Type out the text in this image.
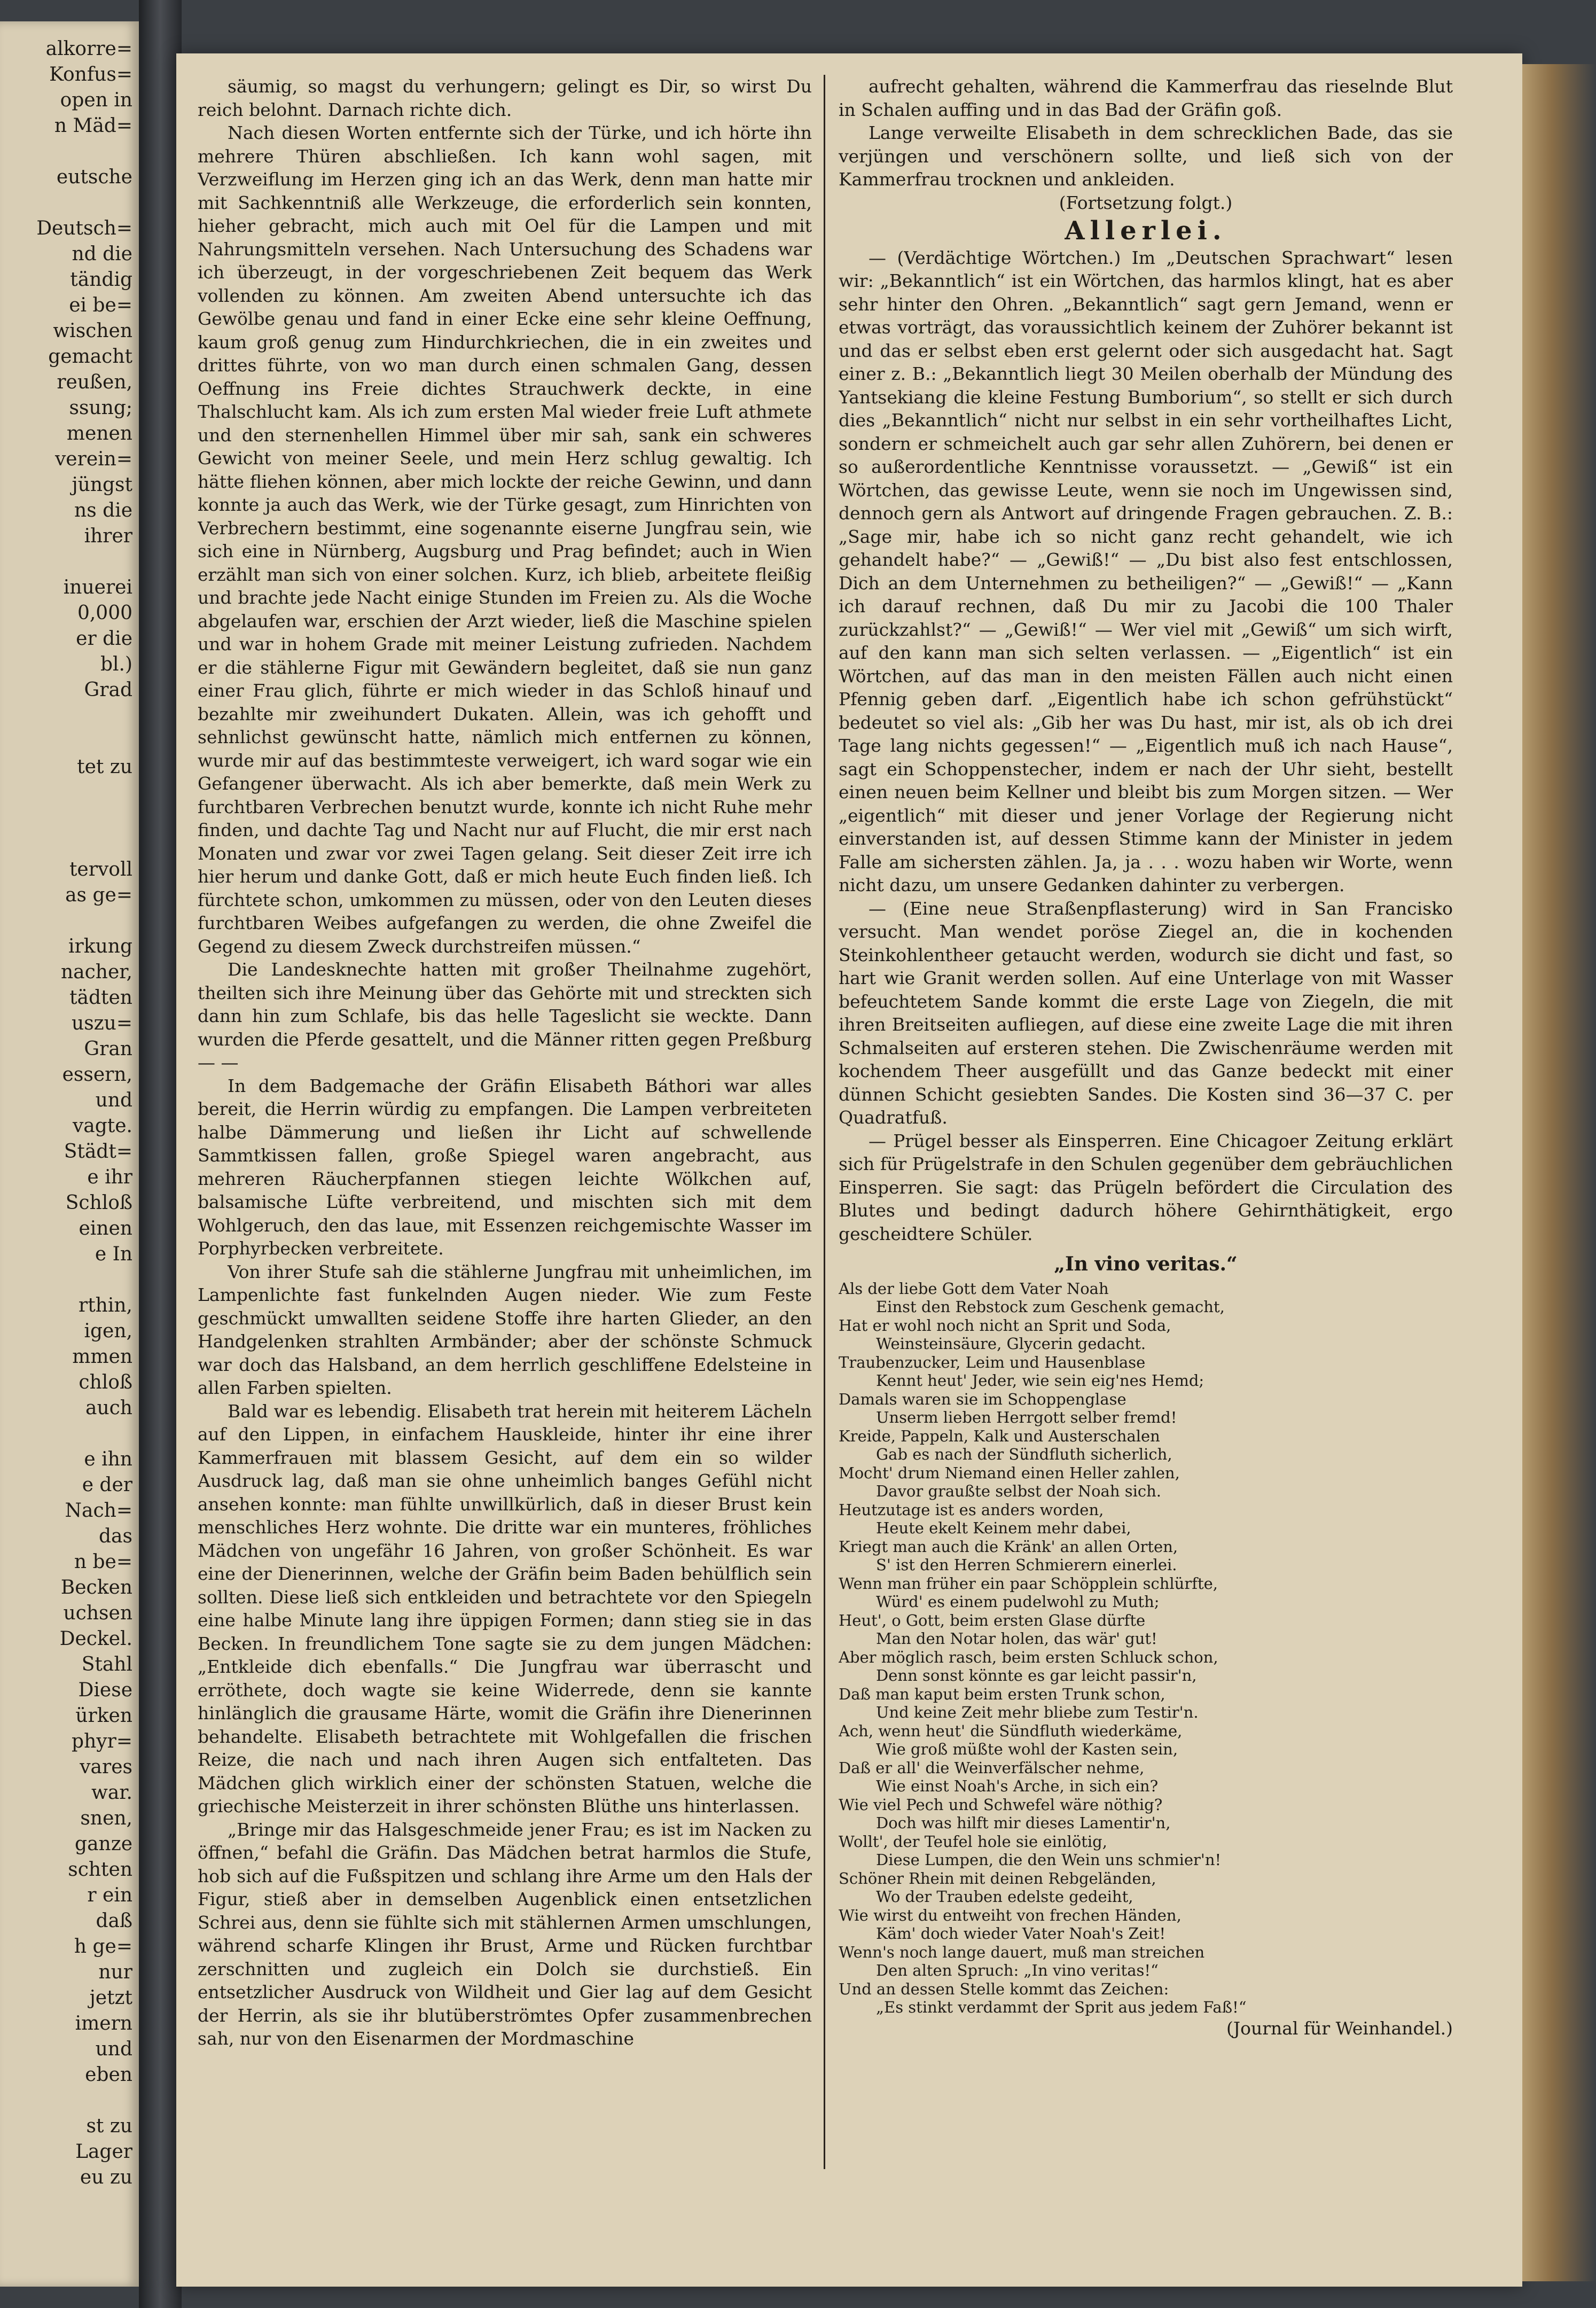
alkorre=
Konfus=
open in
n Mäd=
eutsche
Deutsch=
nd die
tändig
ei be=
wischen
gemacht
reußen,
ssung;
menen
verein=
jüngst
ns die
ihrer
inuerei
0,000
er die
bl.)
Grad
tet zu
tervoll
as ge=
irkung
nacher,
tädten
uszu=
Gran
essern,
und
vagte.
Städt=
e ihr
Schloß
einen
e In
rthin,
igen,
mmen
chloß
auch
e ihn
e der
Nach=
das
n be=
Becken
uchsen
Deckel.
Stahl
Diese
ürken
phyr=
vares
war.
snen,
ganze
schten
r ein
daß
h ge=
nur
jetzt
imern
und
eben
st zu
Lager
eu zu

säumig, so magst du verhungern; gelingt es Dir, so wirst Du reich belohnt. Darnach richte dich.

Nach diesen Worten entfernte sich der Türke, und ich hörte ihn mehrere Thüren abschließen. Ich kann wohl sagen, mit Verzweiflung im Herzen ging ich an das Werk, denn man hatte mir mit Sachkenntniß alle Werkzeuge, die erforderlich sein konnten, hieher gebracht, mich auch mit Oel für die Lampen und mit Nahrungsmitteln versehen. Nach Untersuchung des Schadens war ich überzeugt, in der vorgeschriebenen Zeit bequem das Werk vollenden zu können. Am zweiten Abend untersuchte ich das Gewölbe genau und fand in einer Ecke eine sehr kleine Oeffnung, kaum groß genug zum Hindurchkriechen, die in ein zweites und drittes führte, von wo man durch einen schmalen Gang, dessen Oeffnung ins Freie dichtes Strauchwerk deckte, in eine Thalschlucht kam. Als ich zum ersten Mal wieder freie Luft athmete und den sternenhellen Himmel über mir sah, sank ein schweres Gewicht von meiner Seele, und mein Herz schlug gewaltig. Ich hätte fliehen können, aber mich lockte der reiche Gewinn, und dann konnte ja auch das Werk, wie der Türke gesagt, zum Hinrichten von Verbrechern bestimmt, eine sogenannte eiserne Jungfrau sein, wie sich eine in Nürnberg, Augsburg und Prag befindet; auch in Wien erzählt man sich von einer solchen. Kurz, ich blieb, arbeitete fleißig und brachte jede Nacht einige Stunden im Freien zu. Als die Woche abgelaufen war, erschien der Arzt wieder, ließ die Maschine spielen und war in hohem Grade mit meiner Leistung zufrieden. Nachdem er die stählerne Figur mit Gewändern begleitet, daß sie nun ganz einer Frau glich, führte er mich wieder in das Schloß hinauf und bezahlte mir zweihundert Dukaten. Allein, was ich gehofft und sehnlichst gewünscht hatte, nämlich mich entfernen zu können, wurde mir auf das bestimmteste verweigert, ich ward sogar wie ein Gefangener überwacht. Als ich aber bemerkte, daß mein Werk zu furchtbaren Verbrechen benutzt wurde, konnte ich nicht Ruhe mehr finden, und dachte Tag und Nacht nur auf Flucht, die mir erst nach Monaten und zwar vor zwei Tagen gelang. Seit dieser Zeit irre ich hier herum und danke Gott, daß er mich heute Euch finden ließ. Ich fürchtete schon, umkommen zu müssen, oder von den Leuten dieses furchtbaren Weibes aufgefangen zu werden, die ohne Zweifel die Gegend zu diesem Zweck durchstreifen müssen.“

Die Landesknechte hatten mit großer Theilnahme zugehört, theilten sich ihre Meinung über das Gehörte mit und streckten sich dann hin zum Schlafe, bis das helle Tageslicht sie weckte. Dann wurden die Pferde gesattelt, und die Männer ritten gegen Preßburg — —

In dem Badgemache der Gräfin Elisabeth Báthori war alles bereit, die Herrin würdig zu empfangen. Die Lampen verbreiteten halbe Dämmerung und ließen ihr Licht auf schwellende Sammtkissen fallen, große Spiegel waren angebracht, aus mehreren Räucherpfannen stiegen leichte Wölkchen auf, balsamische Lüfte verbreitend, und mischten sich mit dem Wohlgeruch, den das laue, mit Essenzen reichgemischte Wasser im Porphyrbecken verbreitete.

Von ihrer Stufe sah die stählerne Jungfrau mit unheimlichen, im Lampenlichte fast funkelnden Augen nieder. Wie zum Feste geschmückt umwallten seidene Stoffe ihre harten Glieder, an den Handgelenken strahlten Armbänder; aber der schönste Schmuck war doch das Halsband, an dem herrlich geschliffene Edelsteine in allen Farben spielten.

Bald war es lebendig. Elisabeth trat herein mit heiterem Lächeln auf den Lippen, in einfachem Hauskleide, hinter ihr eine ihrer Kammerfrauen mit blassem Gesicht, auf dem ein so wilder Ausdruck lag, daß man sie ohne unheimlich banges Gefühl nicht ansehen konnte: man fühlte unwillkürlich, daß in dieser Brust kein menschliches Herz wohnte. Die dritte war ein munteres, fröhliches Mädchen von ungefähr 16 Jahren, von großer Schönheit. Es war eine der Dienerinnen, welche der Gräfin beim Baden behülflich sein sollten. Diese ließ sich entkleiden und betrachtete vor den Spiegeln eine halbe Minute lang ihre üppigen Formen; dann stieg sie in das Becken. In freundlichem Tone sagte sie zu dem jungen Mädchen: „Entkleide dich ebenfalls.“ Die Jungfrau war überrascht und erröthete, doch wagte sie keine Widerrede, denn sie kannte hinlänglich die grausame Härte, womit die Gräfin ihre Dienerinnen behandelte. Elisabeth betrachtete mit Wohlgefallen die frischen Reize, die nach und nach ihren Augen sich entfalteten. Das Mädchen glich wirklich einer der schönsten Statuen, welche die griechische Meisterzeit in ihrer schönsten Blüthe uns hinterlassen.

„Bringe mir das Halsgeschmeide jener Frau; es ist im Nacken zu öffnen,“ befahl die Gräfin. Das Mädchen betrat harmlos die Stufe, hob sich auf die Fußspitzen und schlang ihre Arme um den Hals der Figur, stieß aber in demselben Augenblick einen entsetzlichen Schrei aus, denn sie fühlte sich mit stählernen Armen umschlungen, während scharfe Klingen ihr Brust, Arme und Rücken furchtbar zerschnitten und zugleich ein Dolch sie durchstieß. Ein entsetzlicher Ausdruck von Wildheit und Gier lag auf dem Gesicht der Herrin, als sie ihr blutüberströmtes Opfer zusammenbrechen sah, nur von den Eisenarmen der Mordmaschine

aufrecht gehalten, während die Kammerfrau das rieselnde Blut in Schalen auffing und in das Bad der Gräfin goß.

Lange verweilte Elisabeth in dem schrecklichen Bade, das sie verjüngen und verschönern sollte, und ließ sich von der Kammerfrau trocknen und ankleiden.

(Fortsetzung folgt.)
Allerlei.

— (Verdächtige Wörtchen.) Im „Deutschen Sprachwart“ lesen wir: „Bekanntlich“ ist ein Wörtchen, das harmlos klingt, hat es aber sehr hinter den Ohren. „Bekanntlich“ sagt gern Jemand, wenn er etwas vorträgt, das voraussichtlich keinem der Zuhörer bekannt ist und das er selbst eben erst gelernt oder sich ausgedacht hat. Sagt einer z. B.: „Bekanntlich liegt 30 Meilen oberhalb der Mündung des Yantsekiang die kleine Festung Bumborium“, so stellt er sich durch dies „Bekanntlich“ nicht nur selbst in ein sehr vortheilhaftes Licht, sondern er schmeichelt auch gar sehr allen Zuhörern, bei denen er so außerordentliche Kenntnisse voraussetzt. — „Gewiß“ ist ein Wörtchen, das gewisse Leute, wenn sie noch im Ungewissen sind, dennoch gern als Antwort auf dringende Fragen gebrauchen. Z. B.: „Sage mir, habe ich so nicht ganz recht gehandelt, wie ich gehandelt habe?“ — „Gewiß!“ — „Du bist also fest entschlossen, Dich an dem Unternehmen zu betheiligen?“ — „Gewiß!“ — „Kann ich darauf rechnen, daß Du mir zu Jacobi die 100 Thaler zurückzahlst?“ — „Gewiß!“ — Wer viel mit „Gewiß“ um sich wirft, auf den kann man sich selten verlassen. — „Eigentlich“ ist ein Wörtchen, auf das man in den meisten Fällen auch nicht einen Pfennig geben darf. „Eigentlich habe ich schon gefrühstückt“ bedeutet so viel als: „Gib her was Du hast, mir ist, als ob ich drei Tage lang nichts gegessen!“ — „Eigentlich muß ich nach Hause“, sagt ein Schoppenstecher, indem er nach der Uhr sieht, bestellt einen neuen beim Kellner und bleibt bis zum Morgen sitzen. — Wer „eigentlich“ mit dieser und jener Vorlage der Regierung nicht einverstanden ist, auf dessen Stimme kann der Minister in jedem Falle am sichersten zählen. Ja, ja . . . wozu haben wir Worte, wenn nicht dazu, um unsere Gedanken dahinter zu verbergen.

— (Eine neue Straßenpflasterung) wird in San Francisko versucht. Man wendet poröse Ziegel an, die in kochenden Steinkohlentheer getaucht werden, wodurch sie dicht und fast, so hart wie Granit werden sollen. Auf eine Unterlage von mit Wasser befeuchtetem Sande kommt die erste Lage von Ziegeln, die mit ihren Breitseiten aufliegen, auf diese eine zweite Lage die mit ihren Schmalseiten auf ersteren stehen. Die Zwischenräume werden mit kochendem Theer ausgefüllt und das Ganze bedeckt mit einer dünnen Schicht gesiebten Sandes. Die Kosten sind 36—37 C. per Quadratfuß.

— Prügel besser als Einsperren. Eine Chicagoer Zeitung erklärt sich für Prügelstrafe in den Schulen gegenüber dem gebräuchlichen Einsperren. Sie sagt: das Prügeln befördert die Circulation des Blutes und bedingt dadurch höhere Gehirnthätigkeit, ergo gescheidtere Schüler.

„In vino veritas.“
Als der liebe Gott dem Vater Noah
Einst den Rebstock zum Geschenk gemacht,
Hat er wohl noch nicht an Sprit und Soda,
Weinsteinsäure, Glycerin gedacht.
Traubenzucker, Leim und Hausenblase
Kennt heut' Jeder, wie sein eig'nes Hemd;
Damals waren sie im Schoppenglase
Unserm lieben Herrgott selber fremd!
Kreide, Pappeln, Kalk und Austerschalen
Gab es nach der Sündfluth sicherlich,
Mocht' drum Niemand einen Heller zahlen,
Davor graußte selbst der Noah sich.
Heutzutage ist es anders worden,
Heute ekelt Keinem mehr dabei,
Kriegt man auch die Kränk' an allen Orten,
S' ist den Herren Schmierern einerlei.
Wenn man früher ein paar Schöpplein schlürfte,
Würd' es einem pudelwohl zu Muth;
Heut', o Gott, beim ersten Glase dürfte
Man den Notar holen, das wär' gut!
Aber möglich rasch, beim ersten Schluck schon,
Denn sonst könnte es gar leicht passir'n,
Daß man kaput beim ersten Trunk schon,
Und keine Zeit mehr bliebe zum Testir'n.
Ach, wenn heut' die Sündfluth wiederkäme,
Wie groß müßte wohl der Kasten sein,
Daß er all' die Weinverfälscher nehme,
Wie einst Noah's Arche, in sich ein?
Wie viel Pech und Schwefel wäre nöthig?
Doch was hilft mir dieses Lamentir'n,
Wollt', der Teufel hole sie einlötig,
Diese Lumpen, die den Wein uns schmier'n!
Schöner Rhein mit deinen Rebgeländen,
Wo der Trauben edelste gedeiht,
Wie wirst du entweiht von frechen Händen,
Käm' doch wieder Vater Noah's Zeit!
Wenn's noch lange dauert, muß man streichen
Den alten Spruch: „In vino veritas!“
Und an dessen Stelle kommt das Zeichen:
„Es stinkt verdammt der Sprit aus jedem Faß!“
(Journal für Weinhandel.)
